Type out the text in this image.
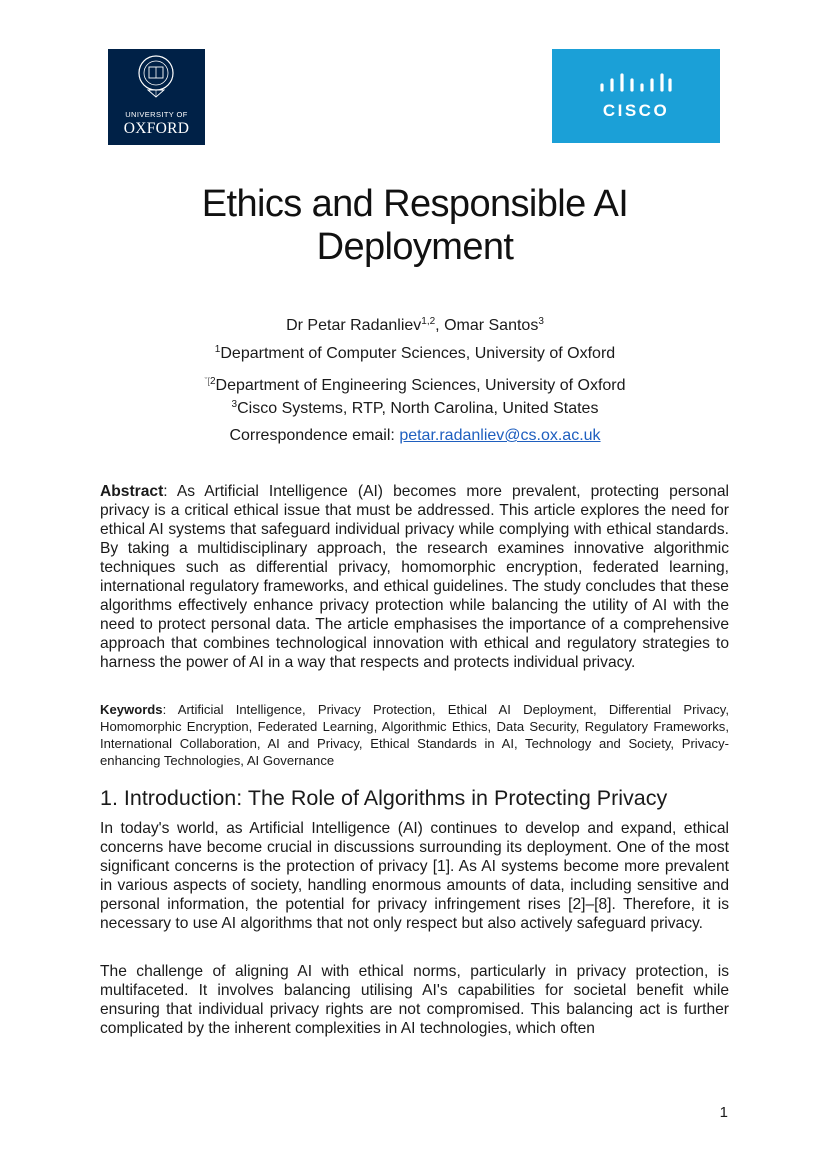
UNIVERSITY OF
OXFORD
CISCO
Ethics and Responsible AI
Deployment
Dr Petar Radanliev$^{1,2}$, Omar Santos$^3$
$^1$Department of Computer Sciences, University of Oxford
$^{ˇ[2}$Department of Engineering Sciences, University of Oxford
$^3$Cisco Systems, RTP, North Carolina, United States
Correspondence email: petar.radanliev@cs.ox.ac.uk

Abstract: As Artificial Intelligence (AI) becomes more prevalent, protecting personal privacy is a critical ethical issue that must be addressed. This article explores the need for ethical AI systems that safeguard individual privacy while complying with ethical standards. By taking a multidisciplinary approach, the research examines innovative algorithmic techniques such as differential privacy, homomorphic encryption, federated learning, international regulatory frameworks, and ethical guidelines. The study concludes that these algorithms effectively enhance privacy protection while balancing the utility of AI with the need to protect personal data. The article emphasises the importance of a comprehensive approach that combines technological innovation with ethical and regulatory strategies to harness the power of AI in a way that respects and protects individual privacy.

Keywords: Artificial Intelligence, Privacy Protection, Ethical AI Deployment, Differential Privacy, Homomorphic Encryption, Federated Learning, Algorithmic Ethics, Data Security, Regulatory Frameworks, International Collaboration, AI and Privacy, Ethical Standards in AI, Technology and Society, Privacy-enhancing Technologies, AI Governance

1. Introduction: The Role of Algorithms in Protecting Privacy

In today's world, as Artificial Intelligence (AI) continues to develop and expand, ethical concerns have become crucial in discussions surrounding its deployment. One of the most significant concerns is the protection of privacy [1]. As AI systems become more prevalent in various aspects of society, handling enormous amounts of data, including sensitive and personal information, the potential for privacy infringement rises [2]–[8]. Therefore, it is necessary to use AI algorithms that not only respect but also actively safeguard privacy.

The challenge of aligning AI with ethical norms, particularly in privacy protection, is multifaceted. It involves balancing utilising AI's capabilities for societal benefit while ensuring that individual privacy rights are not compromised. This balancing act is further complicated by the inherent complexities in AI technologies, which often

1
